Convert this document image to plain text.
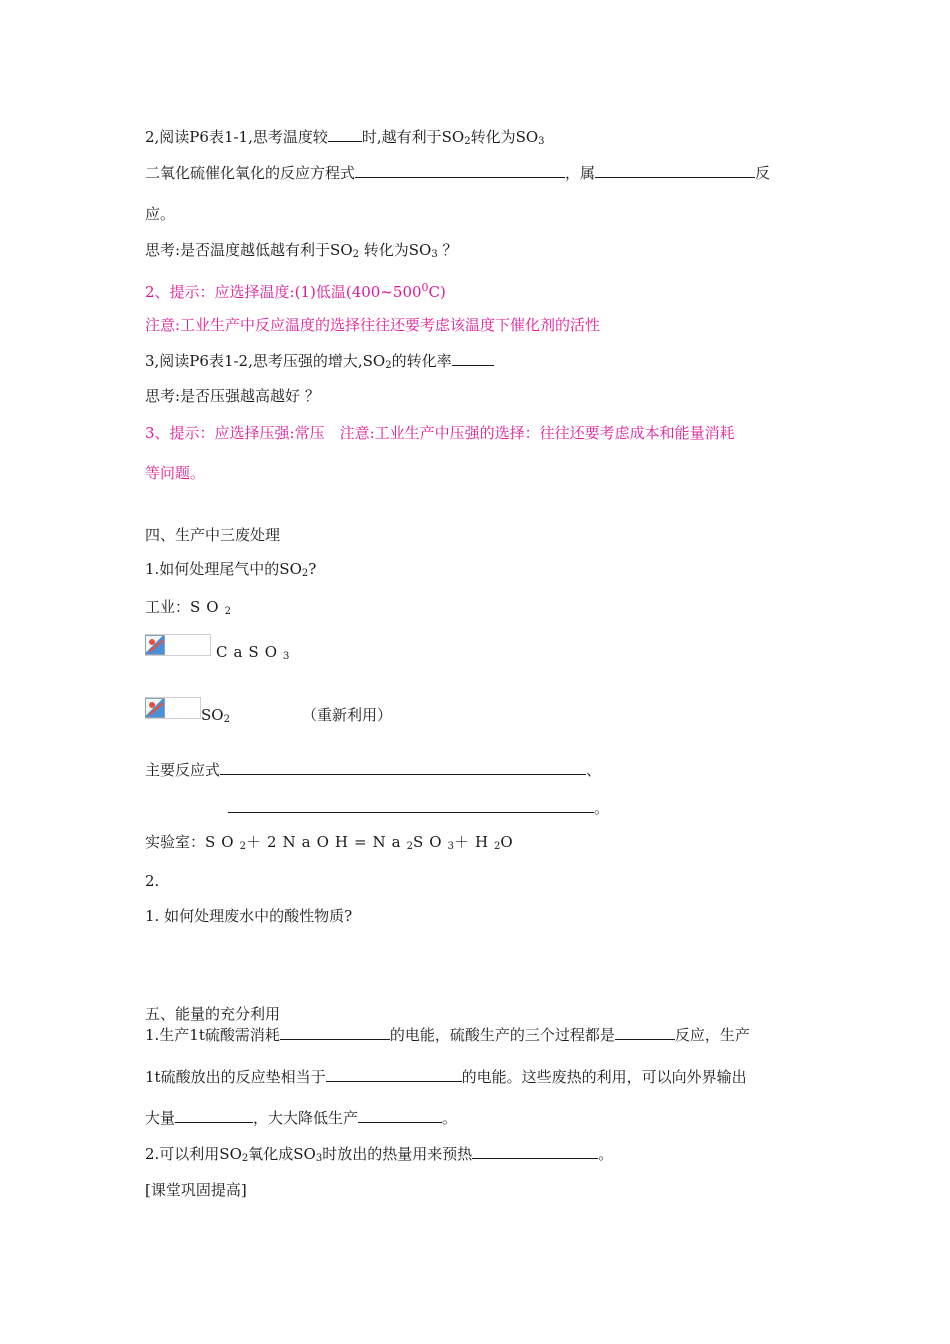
2,阅读P6表1-1,思考温度较 时,越有利于$SO_2$转化为$SO_3$
二氧化硫催化氧化的反应方程式	，属	反
应。
思考:是否温度越低越有利于$SO_2$ 转化为$SO_3$ ？
2、提示：应选择温度:(1)低温$(400\sim 500^0C)$
注意:工业生产中反应温度的选择往往还要考虑该温度下催化剂的活性
3,阅读P6表1-2,思考压强的增大$,SO_2$的转化率
思考:是否压强越高越好 ？
3、提示：应选择压强:常压　注意:工业生产中压强的选择：往往还要考虑成本和能量消耗
等问题。
四、生产中三废处理
1.如何处理尾气中的$SO_2$?
工业：$SO_2$
CaSO$_3$
$SO_2$	（重新利用）
主要反应式	、
。
实验室：$SO_2+2NaOH=Na_2SO_3+H_2O$
2.
1. 如何处理废水中的酸性物质?
五、能量的充分利用
1.生产1t硫酸需消耗	的电能，硫酸生产的三个过程都是	反应，生产
1t硫酸放出的反应垫相当于	的电能。这些废热的利用，可以向外界输出
大量	，大大降低生产	。
2.可以利用$SO_2$氧化成$SO_3$时放出的热量用来预热	。
[课堂巩固提高]
